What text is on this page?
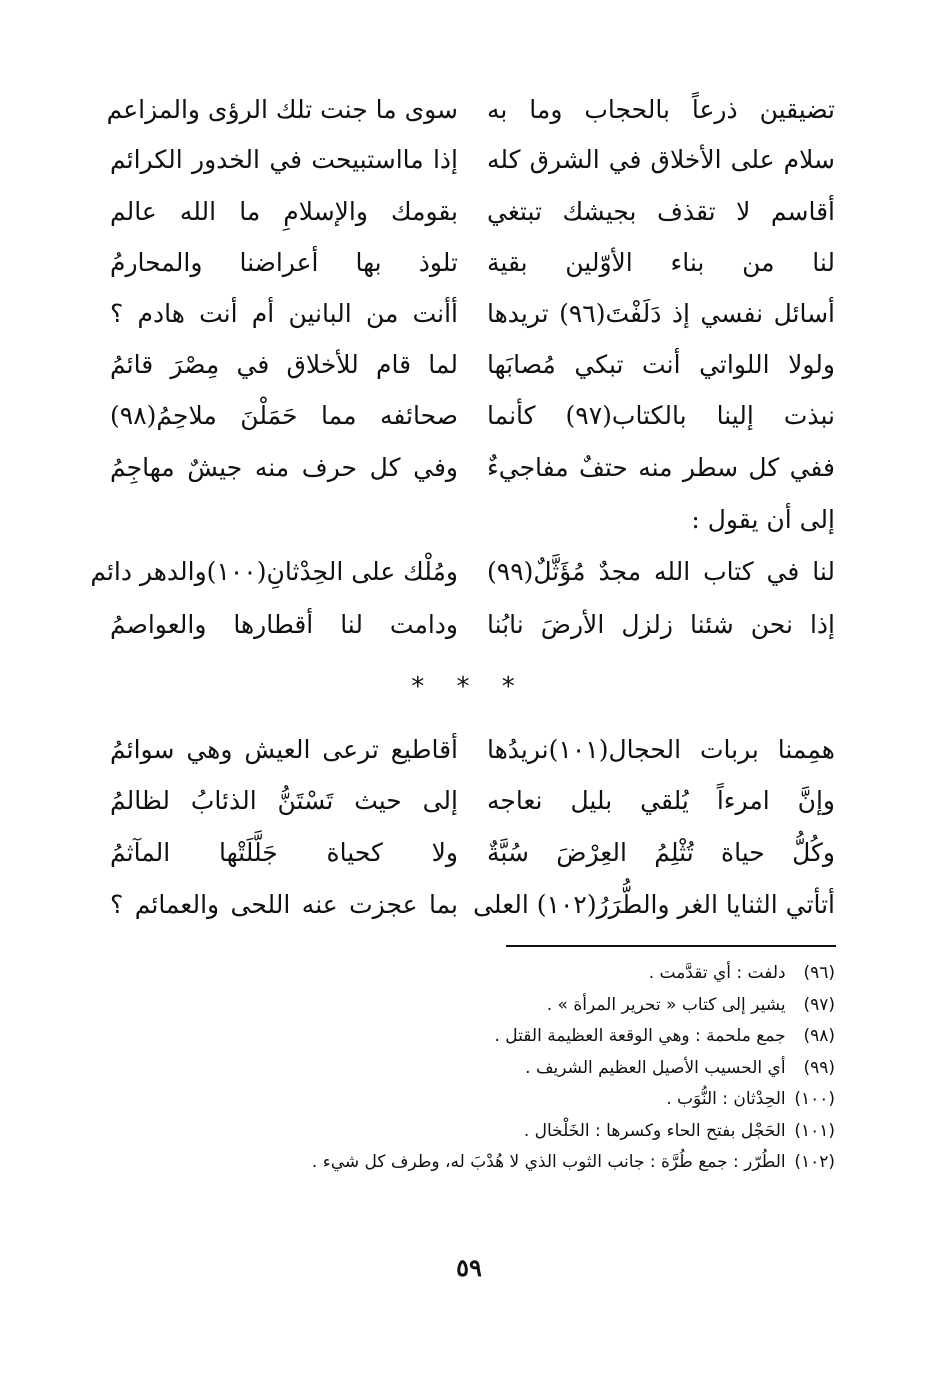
تضيقين ذرعاً بالحجاب وما به
سوى ما جنت تلك الرؤى والمزاعم
سلام على الأخلاق في الشرق كله
إذا مااستبيحت في الخدور الكرائم
أقاسم لا تقذف بجيشك تبتغي
بقومك والإسلامِ ما الله عالم
لنا من بناء الأوّلين بقية
تلوذ بها أعراضنا والمحارمُ
أسائل نفسي إذ دَلَفْتَ(٩٦) تريدها
أأنت من البانين أم أنت هادم ؟
ولولا اللواتي أنت تبكي مُصابَها
لما قام للأخلاق في مِصْرَ قائمُ
نبذت إلينا بالكتاب(٩٧) كأنما
صحائفه مما حَمَلْنَ ملاحِمُ(٩٨)
ففي كل سطر منه حتفٌ مفاجيءٌ
وفي كل حرف منه جيشٌ مهاجِمُ
إلى أن يقول :
لنا في كتاب الله مجدٌ مُؤَثَّلٌ(٩٩)
ومُلْك على الحِدْثانِ(١٠٠)والدهر دائم
إذا نحن شئنا زلزل الأرضَ نابُنا
ودامت لنا أقطارها والعواصمُ
* * *
همِمنا بربات الحجال(١٠١)نريدُها
أقاطيع ترعى العيش وهي سوائمُ
وإنَّ امرءاً يُلقي بليل نعاجه
إلى حيث تَسْتَنُّ الذئابُ لظالمُ
وكُلُّ حياة تُثْلِمُ العِرْضَ سُبَّةٌ
ولا كحياة جَلَّلَتْها المآثمُ
أتأتي الثنايا الغر والطُّرَرُ(١٠٢) العلى
بما عجزت عنه اللحى والعمائم ؟
(٩٦) دلفت : أي تقدَّمت .
(٩٧) يشير إلى كتاب « تحرير المرأة » .
(٩٨) جمع ملحمة : وهي الوقعة العظيمة القتل .
(٩٩) أي الحسيب الأصيل العظيم الشريف .
(١٠٠) الحِدْثان : النُّوَب .
(١٠١) الحَجْل بفتح الحاء وكسرها : الخَلْخال .
(١٠٢) الطُرّر : جمع طُرَّة : جانب الثوب الذي لا هُدْبَ له، وطرف كل شيء .
٥٩
